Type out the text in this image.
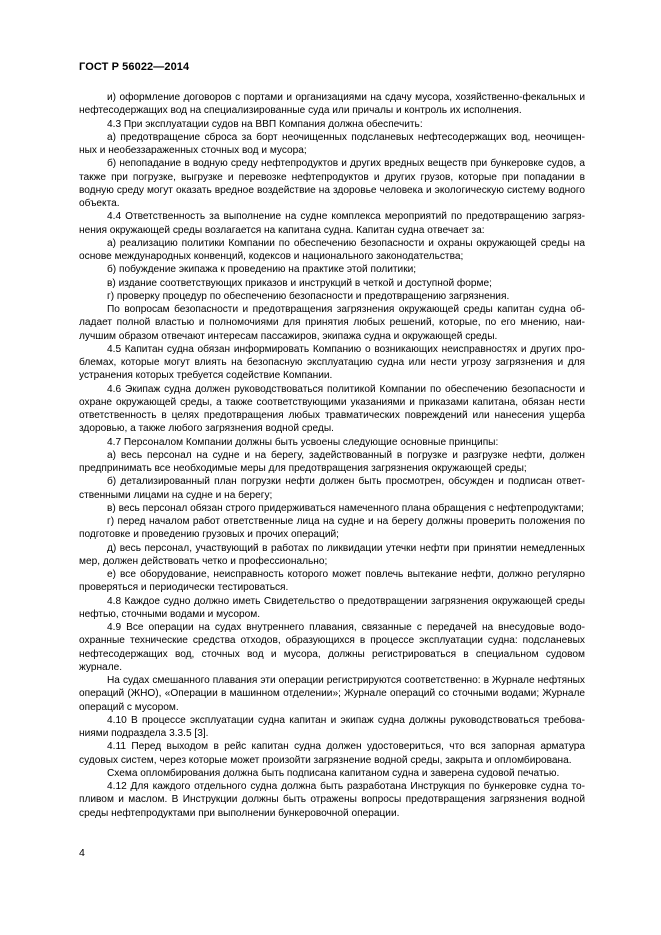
ГОСТ Р 56022—2014

и) оформление договоров с портами и организациями на сдачу мусора, хозяйственно-фекальных и нефтесодержащих вод на специализированные суда или причалы и контроль их исполнения.

4.3 При эксплуатации судов на ВВП Компания должна обеспечить:

а) предотвращение сброса за борт неочищенных подсланевых нефтесодержащих вод, неочищенных и необеззараженных сточных вод и мусора;

б) непопадание в водную среду нефтепродуктов и других вредных веществ при бункеровке судов, а также при погрузке, выгрузке и перевозке нефтепродуктов и других грузов, которые при попадании в водную среду могут оказать вредное воздействие на здоровье человека и экологическую систему водного объекта.

4.4 Ответственность за выполнение на судне комплекса мероприятий по предотвращению загрязнения окружающей среды возлагается на капитана судна. Капитан судна отвечает за:

а) реализацию политики Компании по обеспечению безопасности и охраны окружающей среды на основе международных конвенций, кодексов и национального законодательства;

б) побуждение экипажа к проведению на практике этой политики;

в) издание соответствующих приказов и инструкций в четкой и доступной форме;

г) проверку процедур по обеспечению безопасности и предотвращению загрязнения.

По вопросам безопасности и предотвращения загрязнения окружающей среды капитан судна обладает полной властью и полномочиями для принятия любых решений, которые, по его мнению, наилучшим образом отвечают интересам пассажиров, экипажа судна и окружающей среды.

4.5 Капитан судна обязан информировать Компанию о возникающих неисправностях и других проблемах, которые могут влиять на безопасную эксплуатацию судна или нести угрозу загрязнения и для устранения которых требуется содействие Компании.

4.6 Экипаж судна должен руководствоваться политикой Компании по обеспечению безопасности и охране окружающей среды, а также соответствующими указаниями и приказами капитана, обязан нести ответственность в целях предотвращения любых травматических повреждений или нанесения ущерба здоровью, а также любого загрязнения водной среды.

4.7 Персоналом Компании должны быть усвоены следующие основные принципы:

а) весь персонал на судне и на берегу, задействованный в погрузке и разгрузке нефти, должен предпринимать все необходимые меры для предотвращения загрязнения окружающей среды;

б) детализированный план погрузки нефти должен быть просмотрен, обсужден и подписан ответственными лицами на судне и на берегу;

в) весь персонал обязан строго придерживаться намеченного плана обращения с нефтепродуктами;

г) перед началом работ ответственные лица на судне и на берегу должны проверить положения по подготовке и проведению грузовых и прочих операций;

д) весь персонал, участвующий в работах по ликвидации утечки нефти при принятии немедленных мер, должен действовать четко и профессионально;

е) все оборудование, неисправность которого может повлечь вытекание нефти, должно регулярно проверяться и периодически тестироваться.

4.8 Каждое судно должно иметь Свидетельство о предотвращении загрязнения окружающей среды нефтью, сточными водами и мусором.

4.9 Все операции на судах внутреннего плавания, связанные с передачей на внесудовые водоохранные технические средства отходов, образующихся в процессе эксплуатации судна: подсланевых нефтесодержащих вод, сточных вод и мусора, должны регистрироваться в специальном судовом журнале.

На судах смешанного плавания эти операции регистрируются соответственно: в Журнале нефтяных операций (ЖНО), «Операции в машинном отделении»; Журнале операций со сточными водами; Журнале операций с мусором.

4.10 В процессе эксплуатации судна капитан и экипаж судна должны руководствоваться требованиями подраздела 3.3.5 [3].

4.11 Перед выходом в рейс капитан судна должен удостовериться, что вся запорная арматура судовых систем, через которые может произойти загрязнение водной среды, закрыта и опломбирована.

Схема опломбирования должна быть подписана капитаном судна и заверена судовой печатью.

4.12 Для каждого отдельного судна должна быть разработана Инструкция по бункеровке судна топливом и маслом. В Инструкции должны быть отражены вопросы предотвращения загрязнения водной среды нефтепродуктами при выполнении бункеровочной операции.

4
